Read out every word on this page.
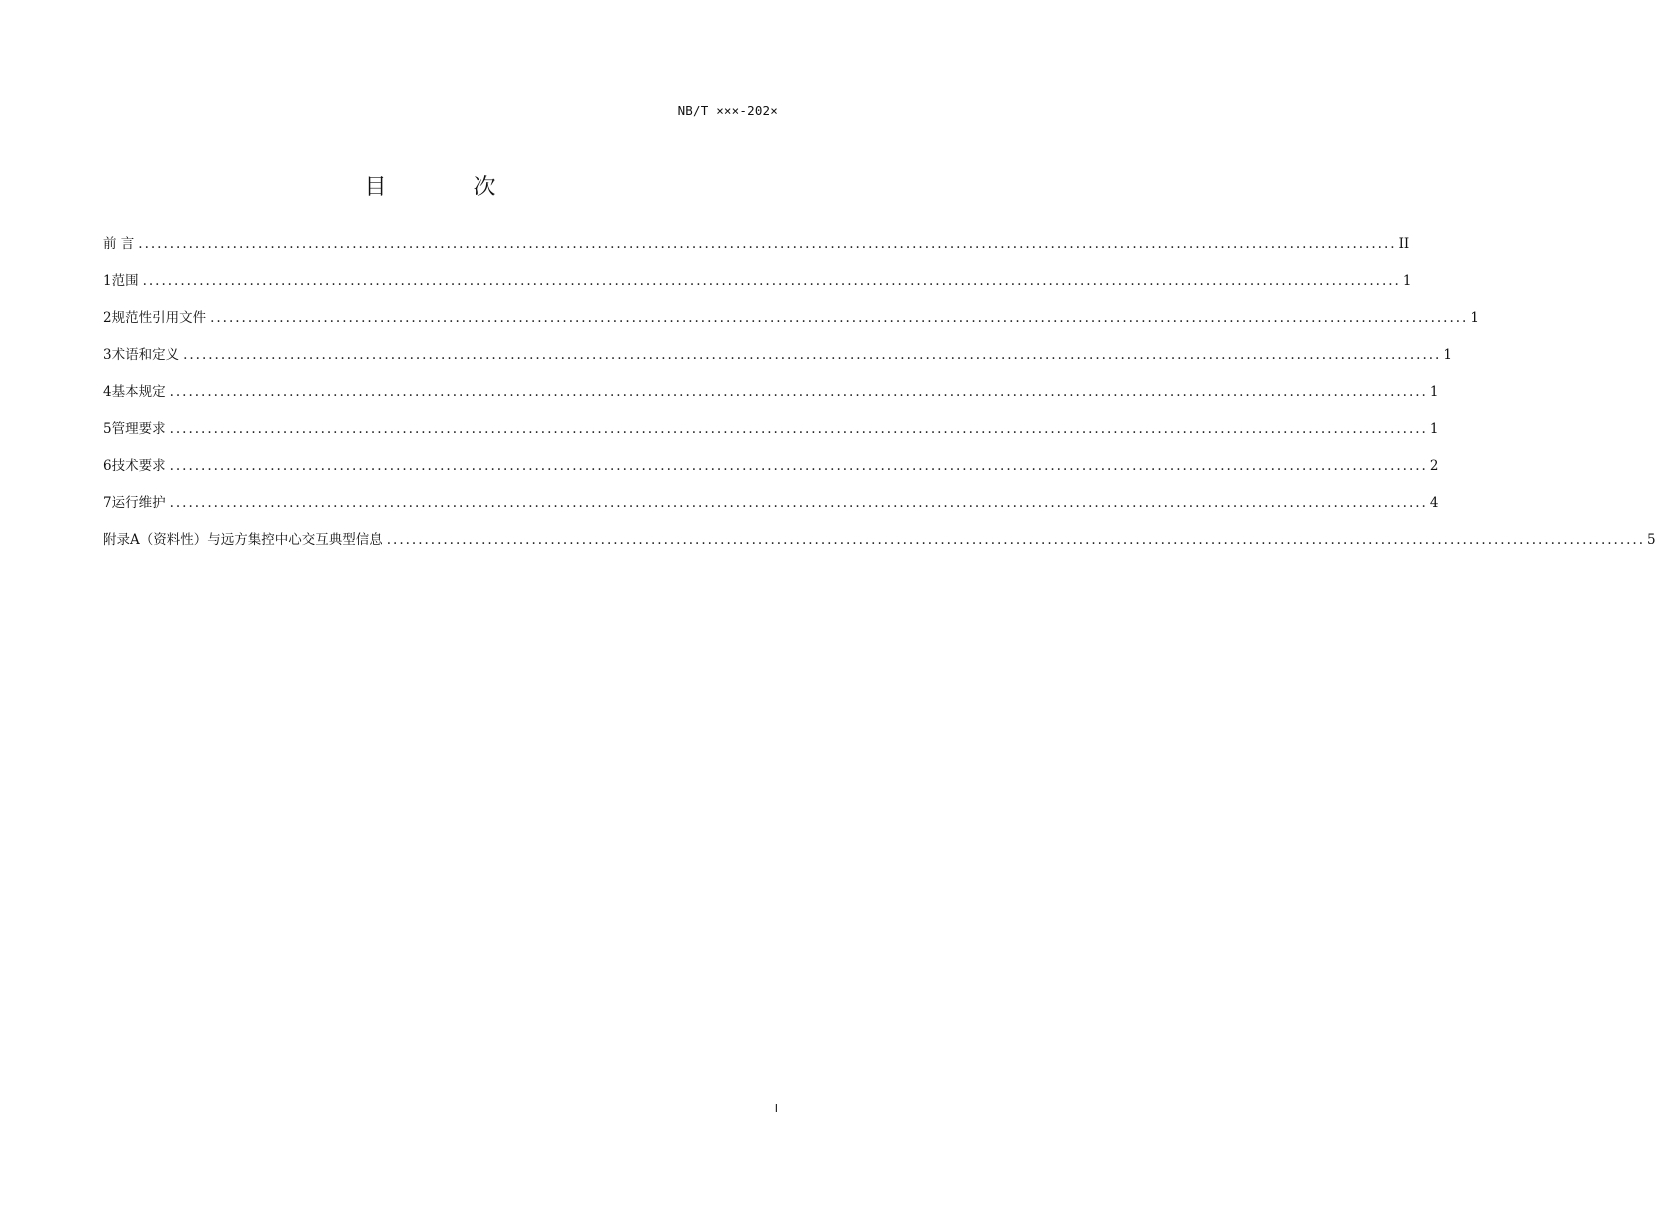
NB/T ×××-202×
目 次
前 言 ........................................................................................................................................................................................................ II
1 范围 ........................................................................................................................................................................................................ 1
2 规范性引用文件 ........................................................................................................................................................................................................ 1
3 术语和定义 ........................................................................................................................................................................................................ 1
4 基本规定 ........................................................................................................................................................................................................ 1
5 管理要求 ........................................................................................................................................................................................................ 1
6 技术要求 ........................................................................................................................................................................................................ 2
7 运行维护 ........................................................................................................................................................................................................ 4
附录A（资料性）与远方集控中心交互典型信息 ........................................................................................................................................................................................................ 5
I
